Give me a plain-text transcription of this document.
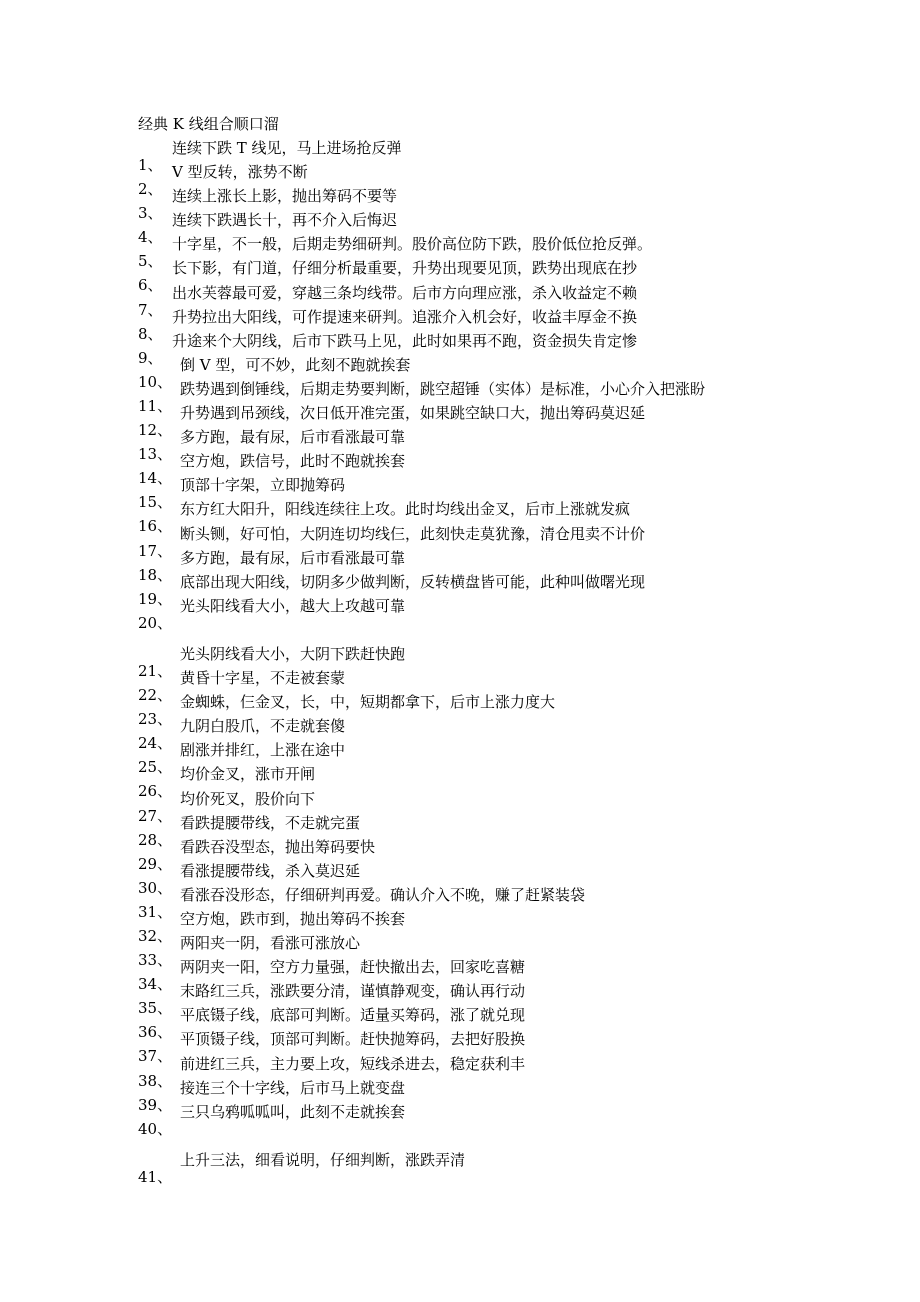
经典 K 线组合顺口溜
1、
连续下跌 T 线见，马上进场抢反弹
2、
V 型反转，涨势不断
3、
连续上涨长上影，抛出筹码不要等
4、
连续下跌遇长十，再不介入后悔迟
5、
十字星，不一般，后期走势细研判。股价高位防下跌，股价低位抢反弹。
6、
长下影，有门道，仔细分析最重要，升势出现要见顶，跌势出现底在抄
7、
出水芙蓉最可爱，穿越三条均线带。后市方向理应涨，杀入收益定不赖
8、
升势拉出大阳线，可作提速来研判。追涨介入机会好，收益丰厚金不换
9、
升途来个大阴线，后市下跌马上见，此时如果再不跑，资金损失肯定惨
10、
倒 V 型，可不妙，此刻不跑就挨套
11、
跌势遇到倒锤线，后期走势要判断，跳空超锤（实体）是标准，小心介入把涨盼
12、
升势遇到吊颈线，次日低开准完蛋，如果跳空缺口大，抛出筹码莫迟延
13、
多方跑，最有尿，后市看涨最可靠
14、
空方炮，跌信号，此时不跑就挨套
15、
顶部十字架，立即抛筹码
16、
东方红大阳升，阳线连续往上攻。此时均线出金叉，后市上涨就发疯
17、
断头铡，好可怕，大阴连切均线仨，此刻快走莫犹豫，清仓甩卖不计价
18、
多方跑，最有尿，后市看涨最可靠
19、
底部出现大阳线，切阴多少做判断，反转横盘皆可能，此种叫做曙光现
20、
光头阳线看大小，越大上攻越可靠
21、
光头阴线看大小，大阴下跌赶快跑
22、
黄昏十字星，不走被套蒙
23、
金蜘蛛，仨金叉，长，中，短期都拿下，后市上涨力度大
24、
九阴白股爪，不走就套傻
25、
剧涨并排红，上涨在途中
26、
均价金叉，涨市开闸
27、
均价死叉，股价向下
28、
看跌提腰带线，不走就完蛋
29、
看跌吞没型态，抛出筹码要快
30、
看涨提腰带线，杀入莫迟延
31、
看涨吞没形态，仔细研判再爱。确认介入不晚，赚了赶紧装袋
32、
空方炮，跌市到，抛出筹码不挨套
33、
两阳夹一阴，看涨可涨放心
34、
两阴夹一阳，空方力量强，赶快撤出去，回家吃喜糖
35、
末路红三兵，涨跌要分清，谨慎静观变，确认再行动
36、
平底镊子线，底部可判断。适量买筹码，涨了就兑现
37、
平顶镊子线，顶部可判断。赶快抛筹码，去把好股换
38、
前进红三兵，主力要上攻，短线杀进去，稳定获利丰
39、
接连三个十字线，后市马上就变盘
40、
三只乌鸦呱呱叫，此刻不走就挨套
41、
上升三法，细看说明，仔细判断，涨跌弄清
